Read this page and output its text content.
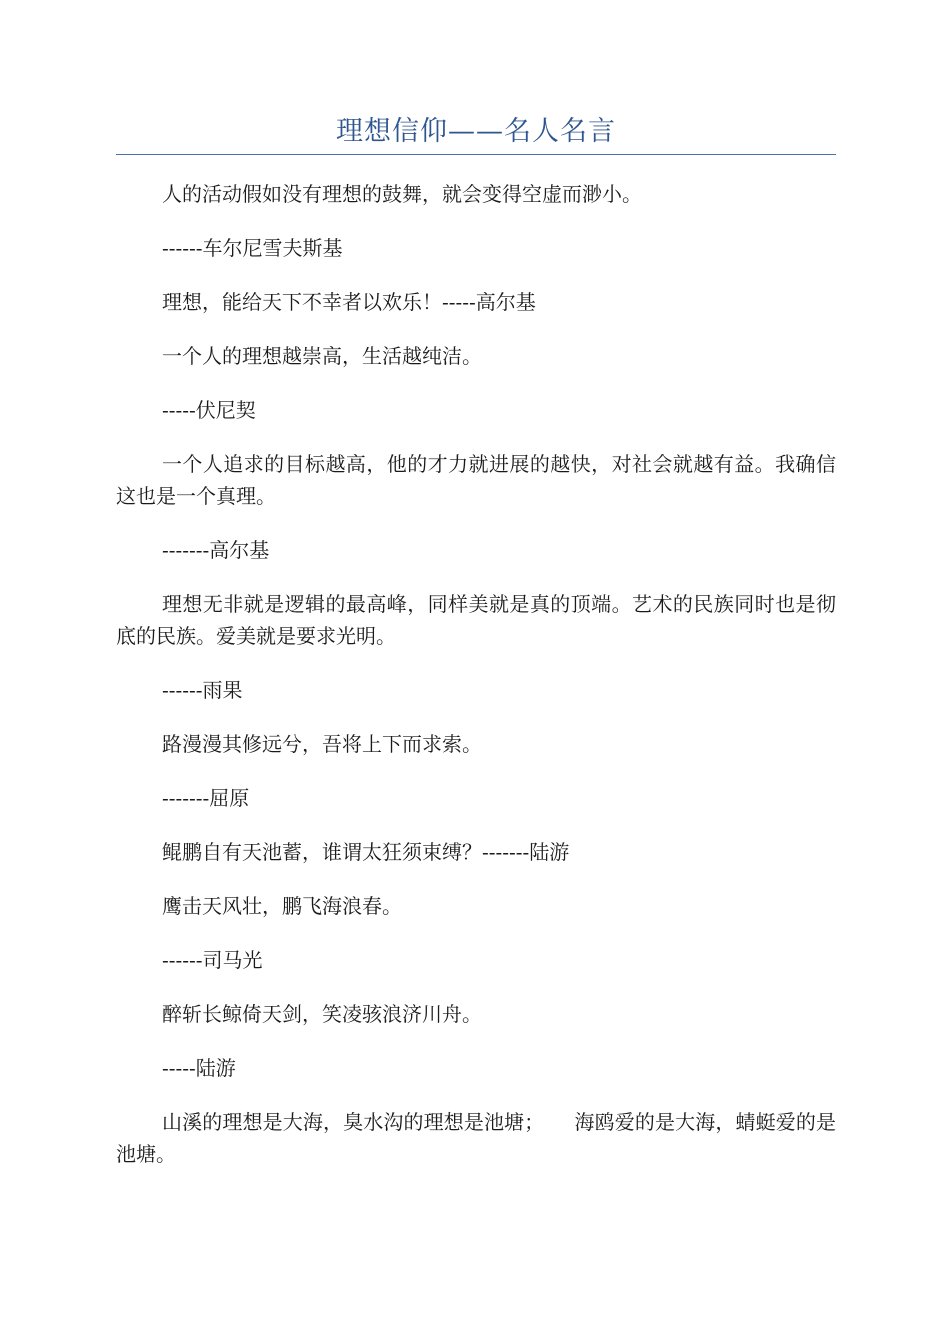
理想信仰——名人名言

人的活动假如没有理想的鼓舞，就会变得空虚而渺小。

------车尔尼雪夫斯基

理想，能给天下不幸者以欢乐！-----高尔基

一个人的理想越崇高，生活越纯洁。

-----伏尼契

一个人追求的目标越高，他的才力就进展的越快，对社会就越有益。我确信这也是一个真理。

-------高尔基

理想无非就是逻辑的最高峰，同样美就是真的顶端。艺术的民族同时也是彻底的民族。爱美就是要求光明。

------雨果

路漫漫其修远兮，吾将上下而求索。

-------屈原

鲲鹏自有天池蓄，谁谓太狂须束缚？-------陆游

鹰击天风壮，鹏飞海浪春。

------司马光

醉斩长鲸倚天剑，笑凌骇浪济川舟。

-----陆游

山溪的理想是大海，臭水沟的理想是池塘；　　海鸥爱的是大海，蜻蜓爱的是池塘。
